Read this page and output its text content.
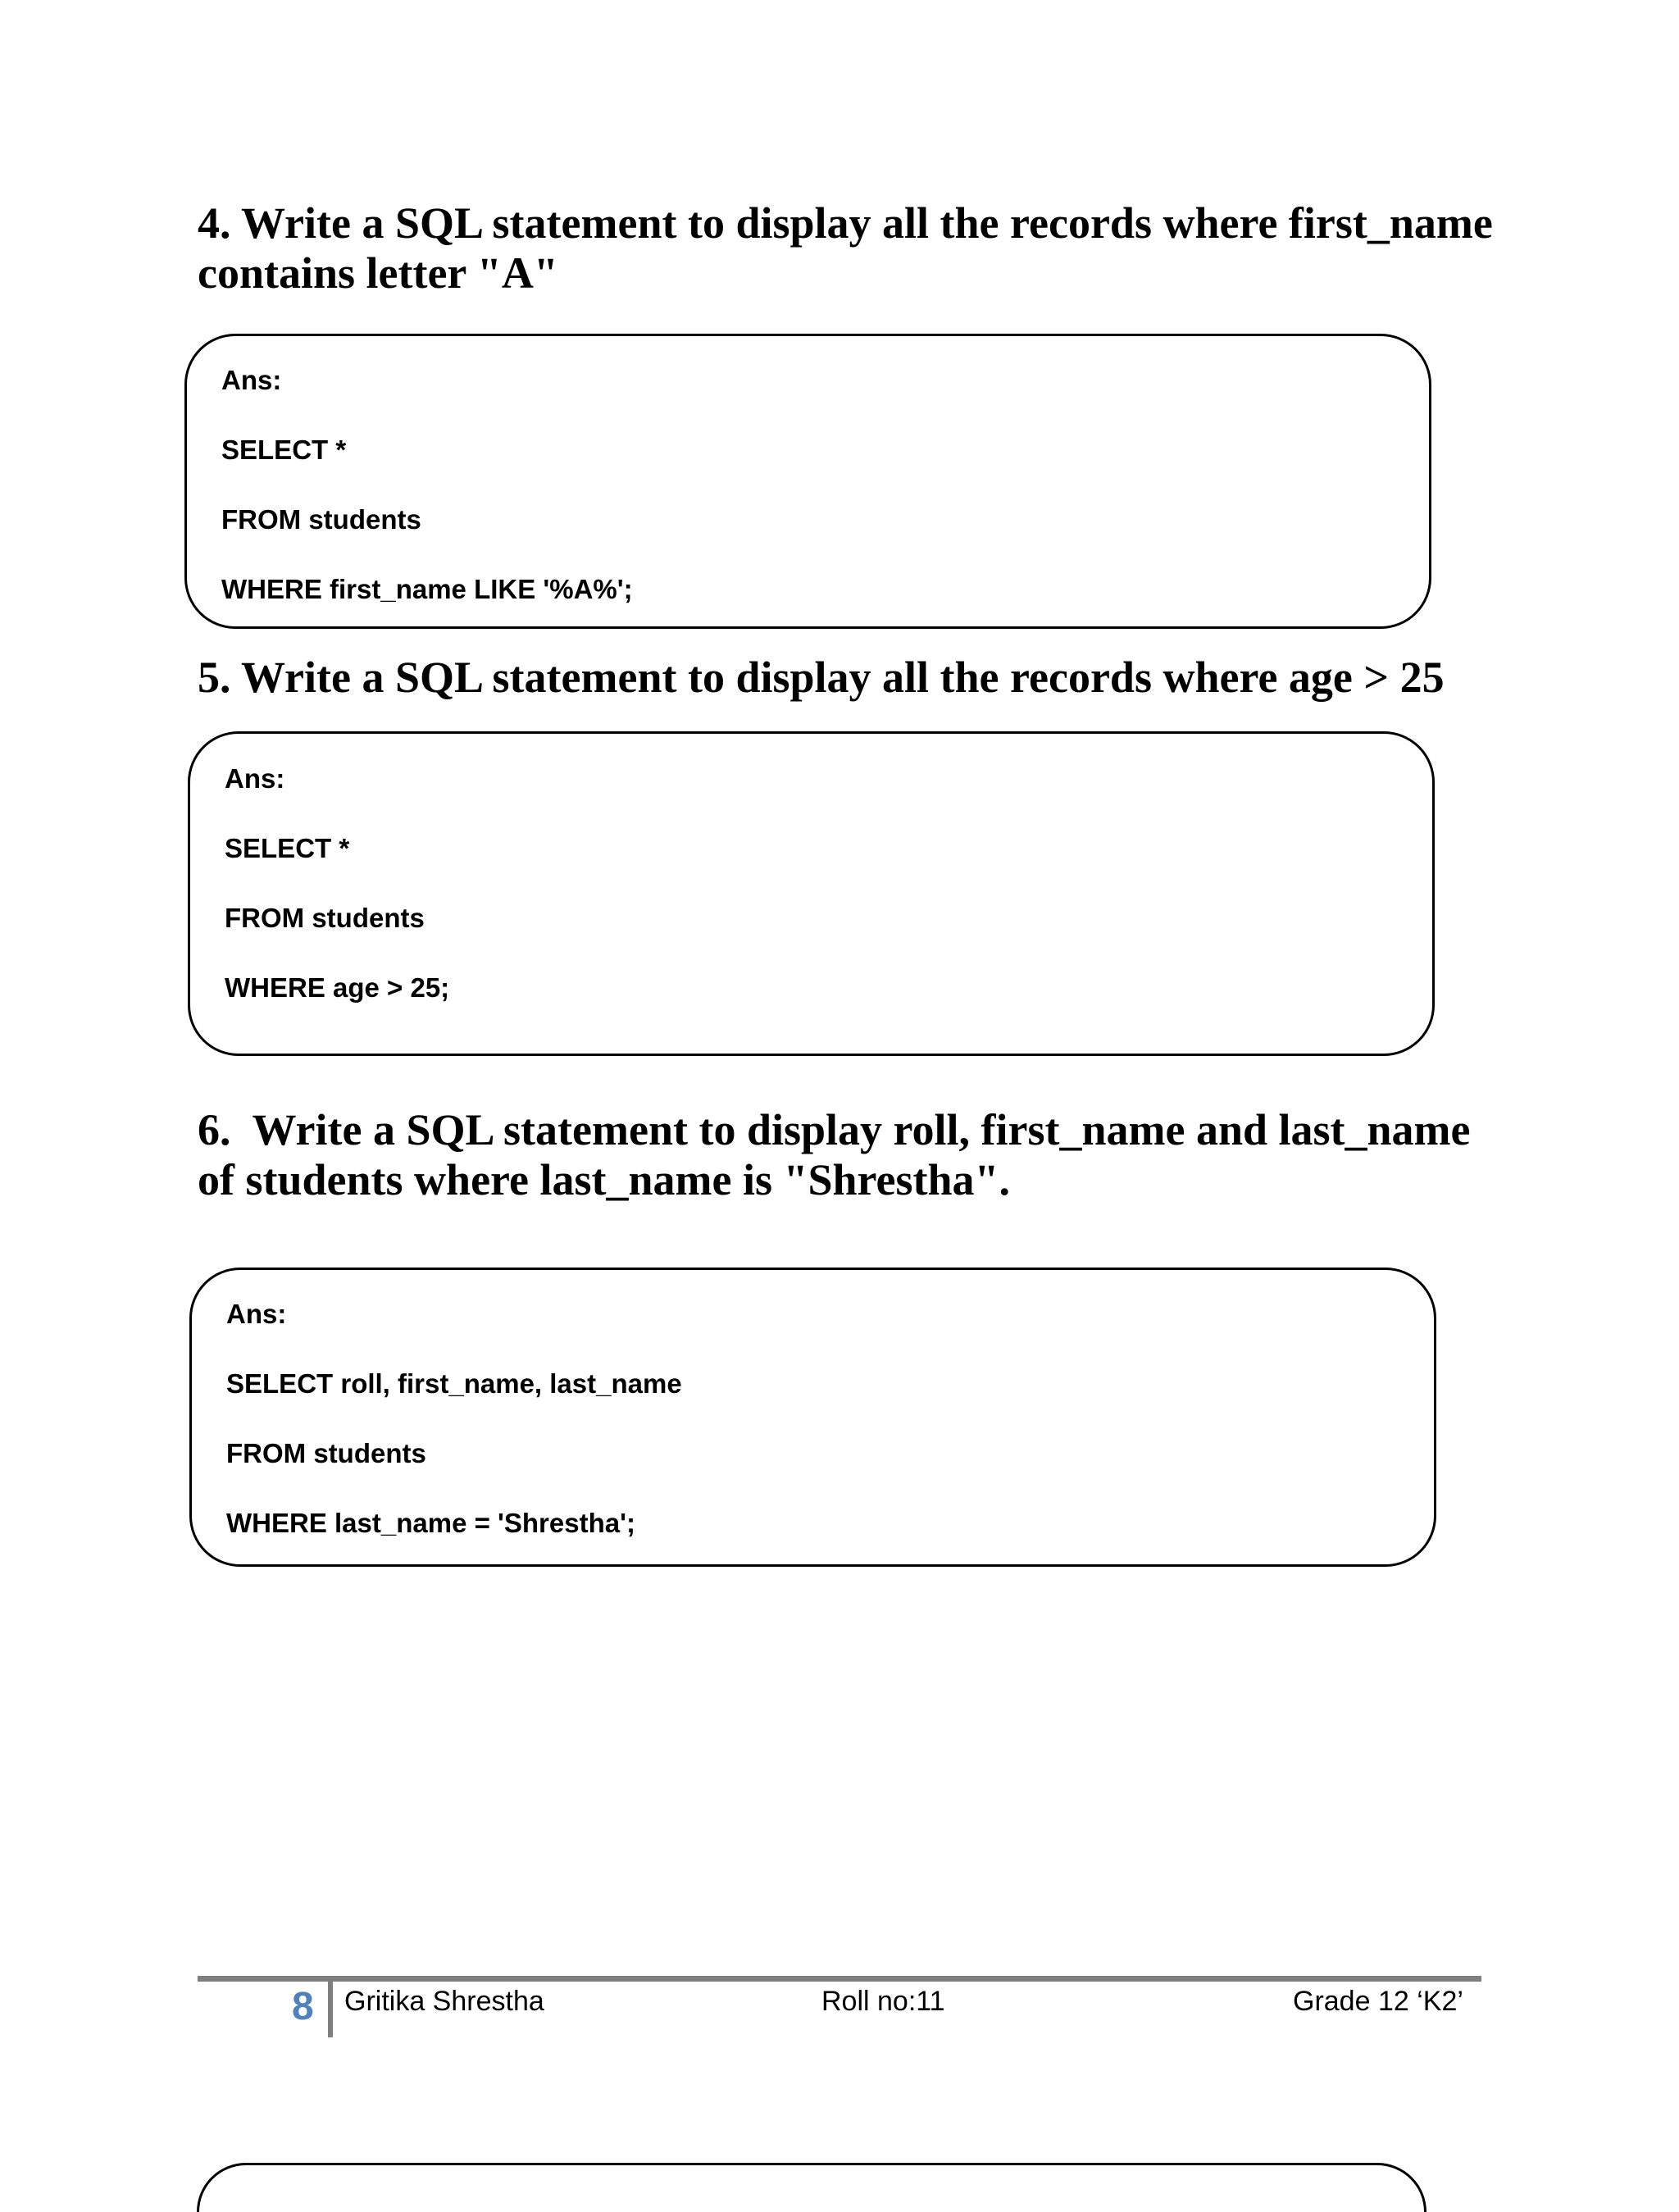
4. Write a SQL statement to display all the records where first_name contains letter "A"

Ans:

SELECT *

FROM students

WHERE first_name LIKE '%A%';

5. Write a SQL statement to display all the records where age > 25

Ans:

SELECT *

FROM students

WHERE age > 25;

6.  Write a SQL statement to display roll, first_name and last_name of students where last_name is "Shrestha".

Ans:

SELECT roll, first_name, last_name

FROM students

WHERE last_name = 'Shrestha';

8 Gritika Shrestha	Roll no:11	Grade 12 ‘K2’
